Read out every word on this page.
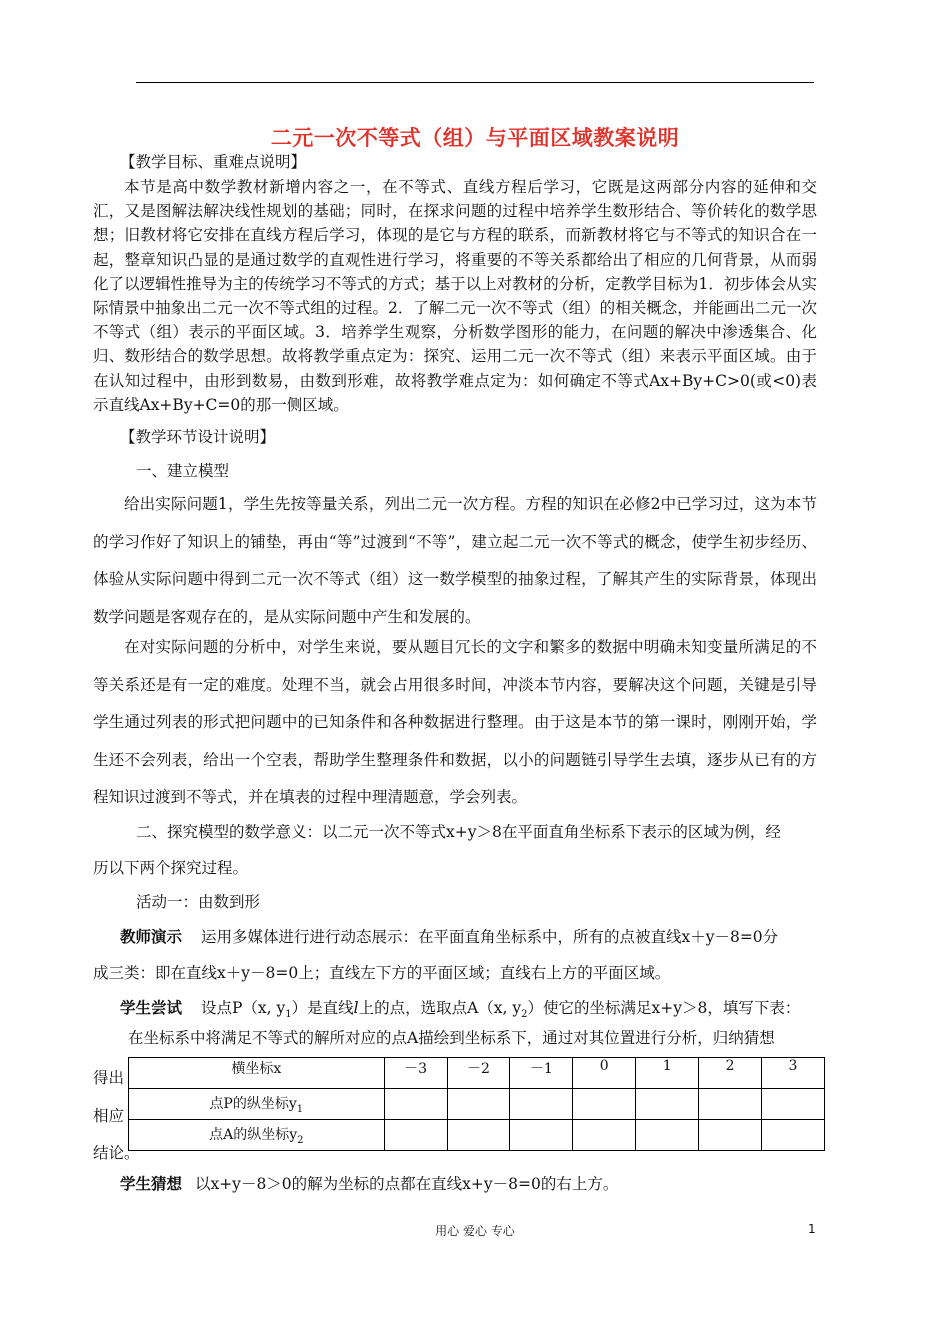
二元一次不等式（组）与平面区域教案说明
【教学目标、重难点说明】

本节是高中数学教材新增内容之一，在不等式、直线方程后学习，它既是这两部分内容的延伸和交汇，又是图解法解决线性规划的基础；同时，在探求问题的过程中培养学生数形结合、等价转化的数学思想；旧教材将它安排在直线方程后学习，体现的是它与方程的联系，而新教材将它与不等式的知识合在一起，整章知识凸显的是通过数学的直观性进行学习，将重要的不等关系都给出了相应的几何背景，从而弱化了以逻辑性推导为主的传统学习不等式的方式；基于以上对教材的分析，定教学目标为1．初步体会从实际情景中抽象出二元一次不等式组的过程。2．了解二元一次不等式（组）的相关概念，并能画出二元一次不等式（组）表示的平面区域。3．培养学生观察，分析数学图形的能力，在问题的解决中渗透集合、化归、数形结合的数学思想。故将教学重点定为：探究、运用二元一次不等式（组）来表示平面区域。由于在认知过程中，由形到数易，由数到形难，故将教学难点定为：如何确定不等式Ax+By+C>0(或<0)表示直线Ax+By+C=0的那一侧区域。

【教学环节设计说明】
一、建立模型

给出实际问题1，学生先按等量关系，列出二元一次方程。方程的知识在必修2中已学习过，这为本节的学习作好了知识上的铺垫，再由“等”过渡到“不等”，建立起二元一次不等式的概念，使学生初步经历、体验从实际问题中得到二元一次不等式（组）这一数学模型的抽象过程，了解其产生的实际背景，体现出数学问题是客观存在的，是从实际问题中产生和发展的。

在对实际问题的分析中，对学生来说，要从题目冗长的文字和繁多的数据中明确未知变量所满足的不等关系还是有一定的难度。处理不当，就会占用很多时间，冲淡本节内容，要解决这个问题，关键是引导学生通过列表的形式把问题中的已知条件和各种数据进行整理。由于这是本节的第一课时，刚刚开始，学生还不会列表，给出一个空表，帮助学生整理条件和数据，以小的问题链引导学生去填，逐步从已有的方程知识过渡到不等式，并在填表的过程中理清题意，学会列表。

二、探究模型的数学意义：以二元一次不等式x+y＞8在平面直角坐标系下表示的区域为例，经
历以下两个探究过程。
活动一：由数到形
教师演示 运用多媒体进行进行动态展示：在平面直角坐标系中，所有的点被直线x＋y－8=0分
成三类：即在直线x＋y－8=0上；直线左下方的平面区域；直线右上方的平面区域。
学生尝试 设点P（x, $y_1$）是直线l上的点，选取点A（x, $y_2$）使它的坐标满足x+y＞8，填写下表：
在坐标系中将满足不等式的解所对应的点A描绘到坐标系下，通过对其位置进行分析，归纳猜想
得出
相应
结论。
横坐标x	－3	－2	－1	0	1	2	3
点P的纵坐标$y_1$							
点A的纵坐标$y_2$							
学生猜想 以x+y－8＞0的解为坐标的点都在直线x+y－8=0的右上方。
用心 爱心 专心	1
